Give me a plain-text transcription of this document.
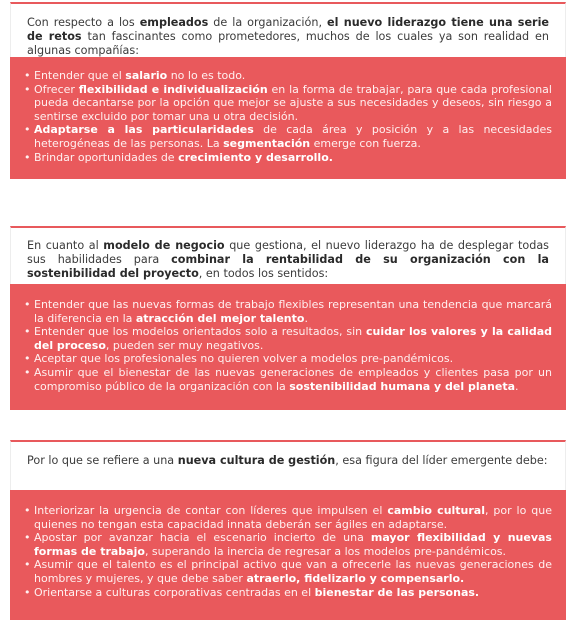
Con respecto a los empleados de la organización, el nuevo liderazgo tiene una serie de retos tan fascinantes como prometedores, muchos de los cuales ya son realidad en algunas compañías:
• Entender que el salario no lo es todo.
• Ofrecer flexibilidad e individualización en la forma de trabajar, para que cada profesional pueda decantarse por la opción que mejor se ajuste a sus necesidades y deseos, sin riesgo a sentirse excluido por tomar una u otra decisión.
• Adaptarse a las particularidades de cada área y posición y a las necesidades heterogéneas de las personas. La segmentación emerge con fuerza.
• Brindar oportunidades de crecimiento y desarrollo.
En cuanto al modelo de negocio que gestiona, el nuevo liderazgo ha de desplegar todas sus habilidades para combinar la rentabilidad de su organización con la sostenibilidad del proyecto, en todos los sentidos:
• Entender que las nuevas formas de trabajo flexibles representan una tendencia que marcará la diferencia en la atracción del mejor talento.
• Entender que los modelos orientados solo a resultados, sin cuidar los valores y la calidad del proceso, pueden ser muy negativos.
• Aceptar que los profesionales no quieren volver a modelos pre-pandémicos.
• Asumir que el bienestar de las nuevas generaciones de empleados y clientes pasa por un compromiso público de la organización con la sostenibilidad humana y del planeta.
Por lo que se refiere a una nueva cultura de gestión, esa figura del líder emergente debe:
• Interiorizar la urgencia de contar con líderes que impulsen el cambio cultural, por lo que quienes no tengan esta capacidad innata deberán ser ágiles en adaptarse.
• Apostar por avanzar hacia el escenario incierto de una mayor flexibilidad y nuevas formas de trabajo, superando la inercia de regresar a los modelos pre-pandémicos.
• Asumir que el talento es el principal activo que van a ofrecerle las nuevas generaciones de hombres y mujeres, y que debe saber atraerlo, fidelizarlo y compensarlo.
• Orientarse a culturas corporativas centradas en el bienestar de las personas.
